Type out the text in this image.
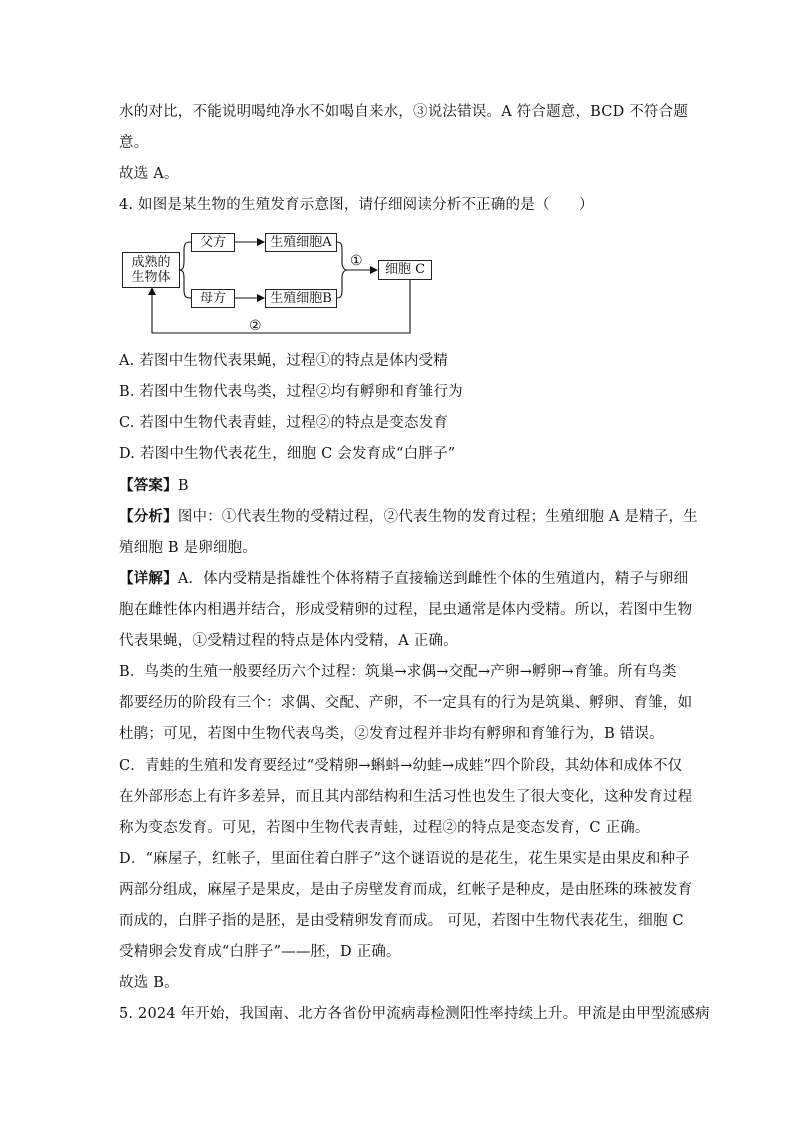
水的对比，不能说明喝纯净水不如喝自来水，③说法错误。A 符合题意，BCD 不符合题
意。
故选 A。
4. 如图是某生物的生殖发育示意图，请仔细阅读分析不正确的是（　　）
成熟的
生物体
父方
母方
生殖细胞A
生殖细胞B
细胞 C
①
②
A. 若图中生物代表果蝇，过程①的特点是体内受精
B. 若图中生物代表鸟类，过程②均有孵卵和育雏行为
C. 若图中生物代表青蛙，过程②的特点是变态发育
D. 若图中生物代表花生，细胞 C 会发育成“白胖子”
【答案】B
【分析】图中：①代表生物的受精过程，②代表生物的发育过程；生殖细胞 A 是精子，生
殖细胞 B 是卵细胞。
【详解】A．体内受精是指雄性个体将精子直接输送到雌性个体的生殖道内，精子与卵细
胞在雌性体内相遇并结合，形成受精卵的过程，昆虫通常是体内受精。所以，若图中生物
代表果蝇，①受精过程的特点是体内受精，A 正确。
B．鸟类的生殖一般要经历六个过程：筑巢→求偶→交配→产卵→孵卵→育雏。所有鸟类
都要经历的阶段有三个：求偶、交配、产卵，不一定具有的行为是筑巢、孵卵、育雏，如
杜鹃；可见，若图中生物代表鸟类，②发育过程并非均有孵卵和育雏行为，B 错误。
C．青蛙的生殖和发育要经过“受精卵→蝌蚪→幼蛙→成蛙”四个阶段，其幼体和成体不仅
在外部形态上有许多差异，而且其内部结构和生活习性也发生了很大变化，这种发育过程
称为变态发育。可见，若图中生物代表青蛙，过程②的特点是变态发育，C 正确。
D．“麻屋子，红帐子，里面住着白胖子”这个谜语说的是花生，花生果实是由果皮和种子
两部分组成，麻屋子是果皮，是由子房壁发育而成，红帐子是种皮，是由胚珠的珠被发育
而成的，白胖子指的是胚，是由受精卵发育而成。 可见，若图中生物代表花生，细胞 C
受精卵会发育成“白胖子”——胚，D 正确。
故选 B。
5. 2024 年开始，我国南、北方各省份甲流病毒检测阳性率持续上升。甲流是由甲型流感病
